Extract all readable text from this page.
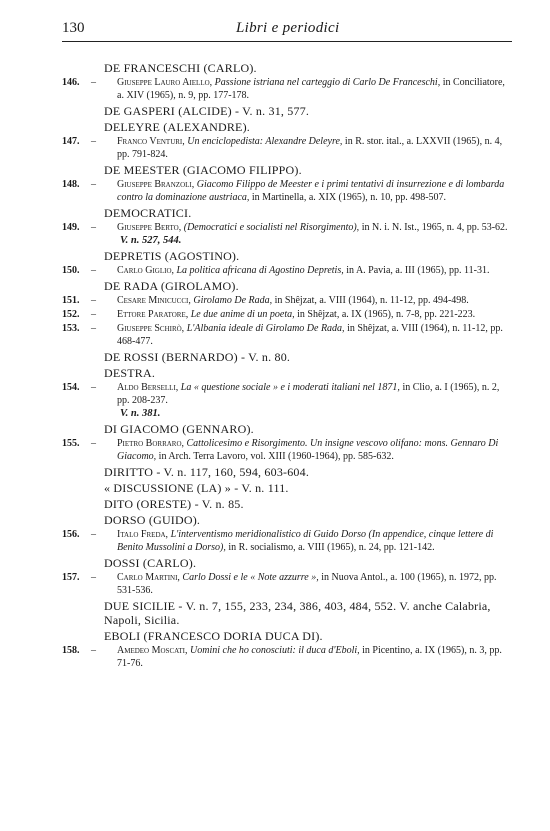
130	Libri e periodici
DE FRANCESCHI (CARLO).
146. – Giuseppe Lauro Aiello, Passione istriana nel carteggio di Carlo De Franceschi, in Conciliatore, a. XIV (1965), n. 9, pp. 177-178.
DE GASPERI (ALCIDE) - V. n. 31, 577.
DELEYRE (ALEXANDRE).
147. – Franco Venturi, Un enciclopedista: Alexandre Deleyre, in R. stor. ital., a. LXXVII (1965), n. 4, pp. 791-824.
DE MEESTER (GIACOMO FILIPPO).
148. – Giuseppe Branzoli, Giacomo Filippo de Meester e i primi tentativi di insurrezione e di lombarda contro la dominazione austriaca, in Martinella, a. XIX (1965), n. 10, pp. 498-507.
DEMOCRATICI.
149. – Giuseppe Berto, (Democratici e socialisti nel Risorgimento), in N. i. N. Ist., 1965, n. 4, pp. 53-62.
V. n. 527, 544.
DEPRETIS (AGOSTINO).
150. – Carlo Giglio, La politica africana di Agostino Depretis, in A. Pavia, a. III (1965), pp. 11-31.
DE RADA (GIROLAMO).
151. – Cesare Minicucci, Girolamo De Rada, in Shêjzat, a. VIII (1964), n. 11-12, pp. 494-498.
152. – Ettore Paratore, Le due anime di un poeta, in Shêjzat, a. IX (1965), n. 7-8, pp. 221-223.
153. – Giuseppe Schirò, L'Albania ideale di Girolamo De Rada, in Shêjzat, a. VIII (1964), n. 11-12, pp. 468-477.
DE ROSSI (BERNARDO) - V. n. 80.
DESTRA.
154. – Aldo Berselli, La « questione sociale » e i moderati italiani nel 1871, in Clio, a. I (1965), n. 2, pp. 208-237.
V. n. 381.
DI GIACOMO (GENNARO).
155. – Pietro Borraro, Cattolicesimo e Risorgimento. Un insigne vescovo olifano: mons. Gennaro Di Giacomo, in Arch. Terra Lavoro, vol. XIII (1960-1964), pp. 585-632.
DIRITTO - V. n. 117, 160, 594, 603-604.
« DISCUSSIONE (LA) » - V. n. 111.
DITO (ORESTE) - V. n. 85.
DORSO (GUIDO).
156. – Italo Freda, L'interventismo meridionalistico di Guido Dorso (In appendice, cinque lettere di Benito Mussolini a Dorso), in R. socialismo, a. VIII (1965), n. 24, pp. 121-142.
DOSSI (CARLO).
157. – Carlo Martini, Carlo Dossi e le « Note azzurre », in Nuova Antol., a. 100 (1965), n. 1972, pp. 531-536.
DUE SICILIE - V. n. 7, 155, 233, 234, 386, 403, 484, 552. V. anche Calabria, Napoli, Sicilia.
EBOLI (FRANCESCO DORIA DUCA DI).
158. – Amedeo Moscati, Uomini che ho conosciuti: il duca d'Eboli, in Picentino, a. IX (1965), n. 3, pp. 71-76.
